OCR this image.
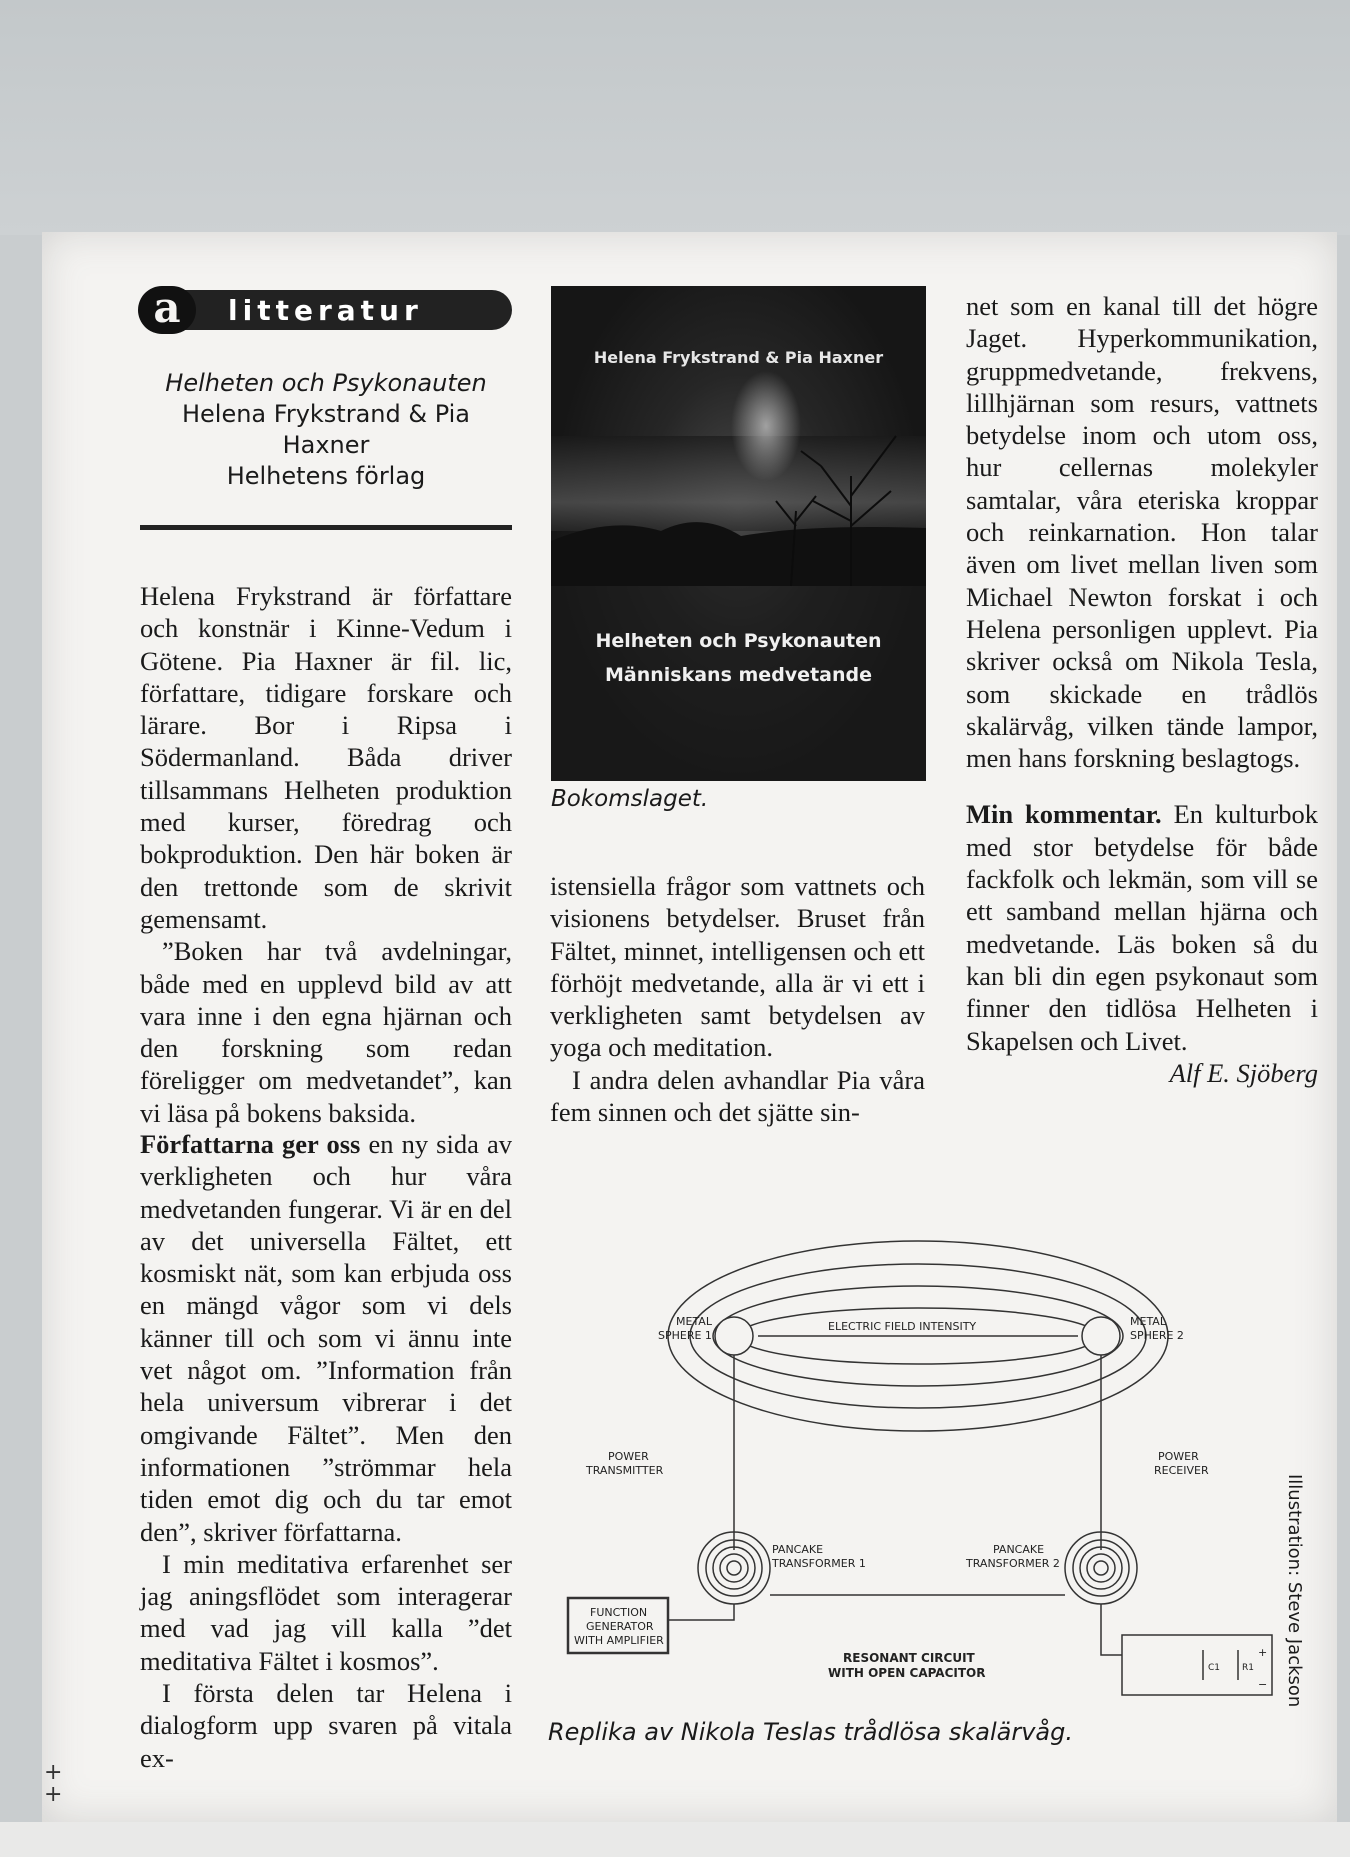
a	litteratur
Helheten och Psykonauten
Helena Frykstrand & Pia Haxner
Helhetens förlag

Helena Frykstrand är författare och konstnär i Kinne-Vedum i Götene. Pia Haxner är fil. lic, författare, tidigare forskare och lärare. Bor i Ripsa i Södermanland. Båda driver tillsammans Helheten produktion med kurser, föredrag och bokproduktion. Den här boken är den trettonde som de skrivit gemensamt.

”Boken har två avdelningar, både med en upplevd bild av att vara inne i den egna hjärnan och den forskning som redan föreligger om medvetandet”, kan vi läsa på bokens baksida.

Författarna ger oss en ny sida av verkligheten och hur våra medvetanden fungerar. Vi är en del av det universella Fältet, ett kosmiskt nät, som kan erbjuda oss en mängd vågor som vi dels känner till och som vi ännu inte vet något om. ”Information från hela universum vibrerar i det omgivande Fältet”. Men den informationen ”strömmar hela tiden emot dig och du tar emot den”, skriver författarna.

I min meditativa erfarenhet ser jag aningsflödet som interagerar med vad jag vill kalla ”det meditativa Fältet i kosmos”.

I första delen tar Helena i dialogform upp svaren på vitala ex-

Helena Frykstrand & Pia Haxner
Helheten och Psykonauten
Människans medvetande
Bokomslaget.

istensiella frågor som vattnets och visionens betydelser. Bruset från Fältet, minnet, intelligensen och ett förhöjt medvetande, alla är vi ett i verkligheten samt betydelsen av yoga och meditation.

I andra delen avhandlar Pia våra fem sinnen och det sjätte sin-

net som en kanal till det högre Jaget. Hyperkommunikation, gruppmedvetande, frekvens, lillhjärnan som resurs, vattnets betydelse inom och utom oss, hur cellernas molekyler samtalar, våra eteriska kroppar och reinkarnation. Hon talar även om livet mellan liven som Michael Newton forskat i och Helena personligen upplevt. Pia skriver också om Nikola Tesla, som skickade en trådlös skalärvåg, vilken tände lampor, men hans forskning beslagtogs.

Min kommentar. En kulturbok med stor betydelse för både fackfolk och lekmän, som vill se ett samband mellan hjärna och medvetande. Läs boken så du kan bli din egen psykonaut som finner den tidlösa Helheten i Skapelsen och Livet.

Alf E. Sjöberg

METAL
SPHERE 1
METAL
SPHERE 2
ELECTRIC FIELD INTENSITY
POWER
TRANSMITTER
POWER
RECEIVER
PANCAKE
TRANSFORMER 1
PANCAKE
TRANSFORMER 2
FUNCTION
GENERATOR
WITH AMPLIFIER
RESONANT CIRCUIT
WITH OPEN CAPACITOR	C1 R1
+
−
Replika av Nikola Teslas trådlösa skalärvåg.
Illustration: Steve Jackson
+
+
